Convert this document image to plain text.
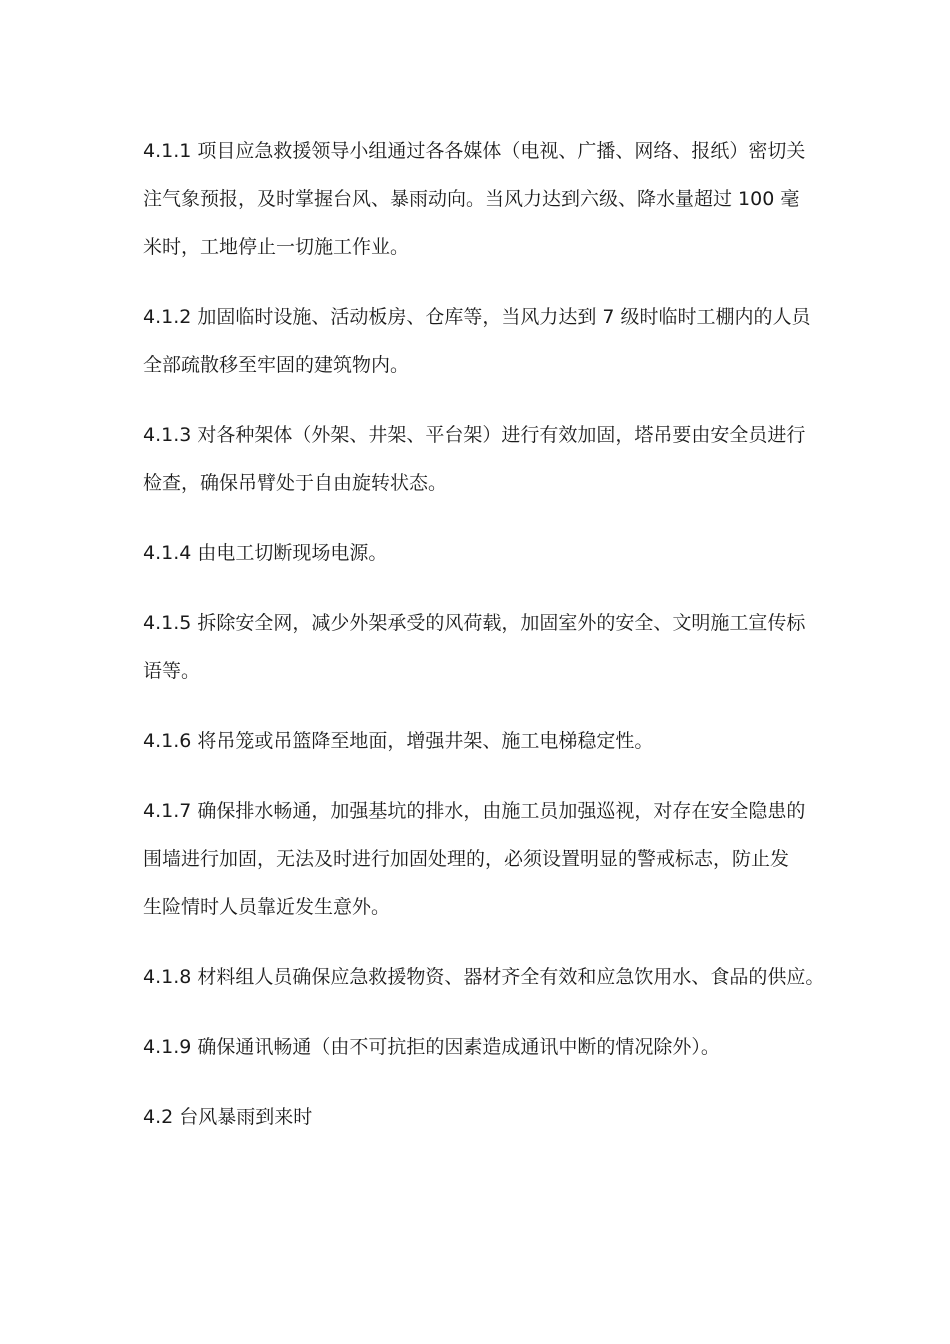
4.1.1 项目应急救援领导小组通过各各媒体（电视、广播、网络、报纸）密切关
注气象预报，及时掌握台风、暴雨动向。当风力达到六级、降水量超过 100 毫
米时，工地停止一切施工作业。

4.1.2 加固临时设施、活动板房、仓库等，当风力达到 7 级时临时工棚内的人员
全部疏散移至牢固的建筑物内。

4.1.3 对各种架体（外架、井架、平台架）进行有效加固，塔吊要由安全员进行
检查，确保吊臂处于自由旋转状态。

4.1.4 由电工切断现场电源。

4.1.5 拆除安全网，减少外架承受的风荷载，加固室外的安全、文明施工宣传标
语等。

4.1.6 将吊笼或吊篮降至地面，增强井架、施工电梯稳定性。

4.1.7 确保排水畅通，加强基坑的排水，由施工员加强巡视，对存在安全隐患的
围墙进行加固，无法及时进行加固处理的，必须设置明显的警戒标志，防止发
生险情时人员靠近发生意外。

4.1.8 材料组人员确保应急救援物资、器材齐全有效和应急饮用水、食品的供应。

4.1.9 确保通讯畅通（由不可抗拒的因素造成通讯中断的情况除外）。

4.2 台风暴雨到来时
